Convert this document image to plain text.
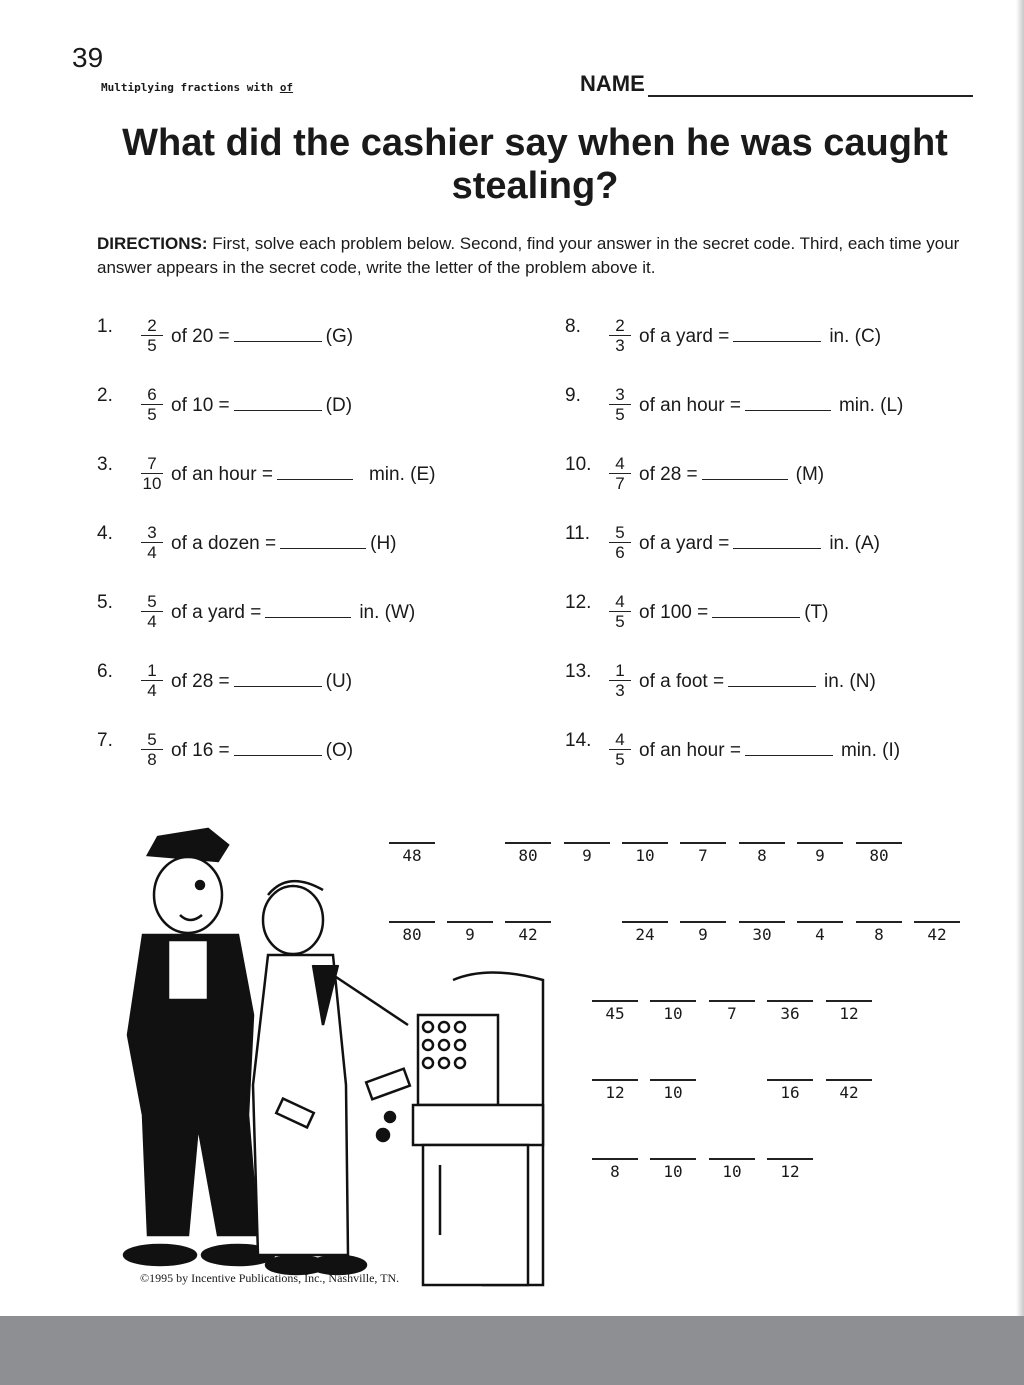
39
Multiplying fractions with of	NAME
What did the cashier say when he was caught stealing?
DIRECTIONS: First, solve each problem below. Second, find your answer in the secret code. Third, each time your answer appears in the secret code, write the letter of the problem above it.
1.	$\frac{2}{5}$ of 20 =	(G)
2.	$\frac{6}{5}$ of 10 =	(D)
3.	$\frac{7}{10}$ of an hour =	min. (E)
4.	$\frac{3}{4}$ of a dozen =	(H)
5.	$\frac{5}{4}$ of a yard =	in. (W)
6.	$\frac{1}{4}$ of 28 =	(U)
7.	$\frac{5}{8}$ of 16 =	(O)
8.	$\frac{2}{3}$ of a yard =	in. (C)
9.	$\frac{3}{5}$ of an hour =	min. (L)
10.	$\frac{4}{7}$ of 28 =	(M)
11.	$\frac{5}{6}$ of a yard =	in. (A)
12.	$\frac{4}{5}$ of 100 =	(T)
13.	$\frac{1}{3}$ of a foot =	in. (N)
14.	$\frac{4}{5}$ of an hour =	min. (I)
48	80	9	10	7	8	9	80
80	9	42	24	9	30	4	8	42
45	10	7	36	12
12	10	16	42
8	10	10	12
©1995 by Incentive Publications, Inc., Nashville, TN.
